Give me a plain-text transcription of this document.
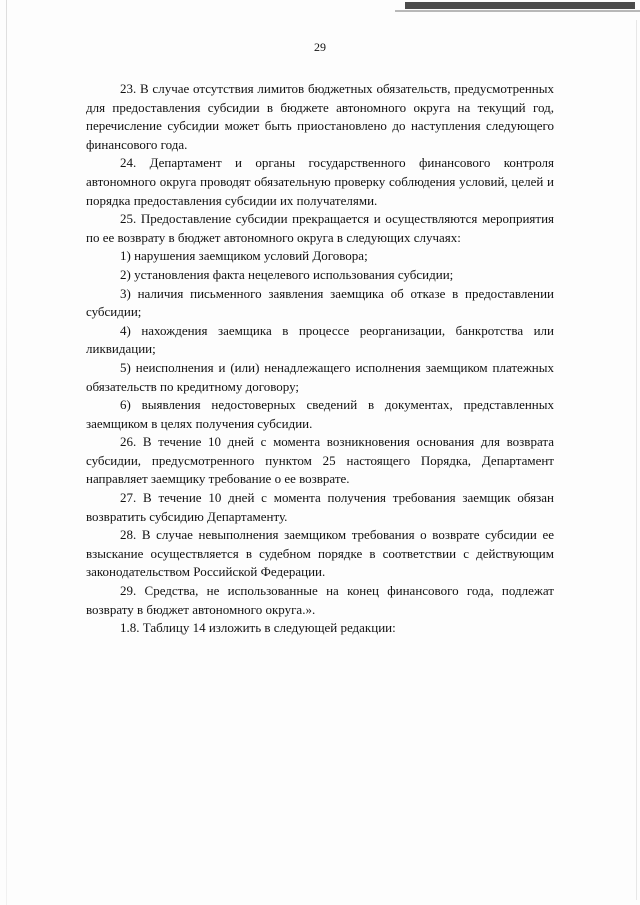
29

23. В случае отсутствия лимитов бюджетных обязательств, предусмотренных для предоставления субсидии в бюджете автономного округа на текущий год, перечисление субсидии может быть приостановлено до наступления следующего финансового года.

24. Департамент и органы государственного финансового контроля автономного округа проводят обязательную проверку соблюдения условий, целей и порядка предоставления субсидии их получателями.

25. Предоставление субсидии прекращается и осуществляются мероприятия по ее возврату в бюджет автономного округа в следующих случаях:

1) нарушения заемщиком условий Договора;

2) установления факта нецелевого использования субсидии;

3) наличия письменного заявления заемщика об отказе в предоставлении субсидии;

4) нахождения заемщика в процессе реорганизации, банкротства или ликвидации;

5) неисполнения и (или) ненадлежащего исполнения заемщиком платежных обязательств по кредитному договору;

6) выявления недостоверных сведений в документах, представленных заемщиком в целях получения субсидии.

26. В течение 10 дней с момента возникновения основания для возврата субсидии, предусмотренного пунктом 25 настоящего Порядка, Департамент направляет заемщику требование о ее возврате.

27. В течение 10 дней с момента получения требования заемщик обязан возвратить субсидию Департаменту.

28. В случае невыполнения заемщиком требования о возврате субсидии ее взыскание осуществляется в судебном порядке в соответствии с действующим законодательством Российской Федерации.

29. Средства, не использованные на конец финансового года, подлежат возврату в бюджет автономного округа.».

1.8. Таблицу 14 изложить в следующей редакции:
